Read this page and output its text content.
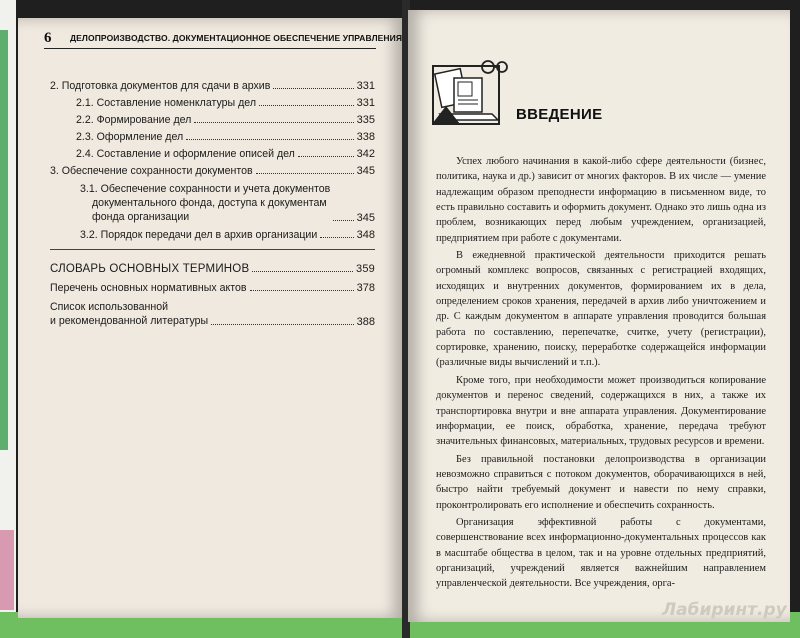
6 ДЕЛОПРОИЗВОДСТВО. ДОКУМЕНТАЦИОННОЕ ОБЕСПЕЧЕНИЕ УПРАВЛЕНИЯ
2. Подготовка документов для сдачи в архив	331
2.1. Составление номенклатуры дел	331
2.2. Формирование дел	335
2.3. Оформление дел	338
2.4. Составление и оформление описей дел	342
3. Обеспечение сохранности документов	345
3.1. Обеспечение сохранности и учета документов
документального фонда, доступа к документам
фонда организации	345
3.2. Порядок передачи дел в архив организации	348
СЛОВАРЬ ОСНОВНЫХ ТЕРМИНОВ	359
Перечень основных нормативных актов	378
Список использованной
и рекомендованной литературы	388
ВВЕДЕНИЕ

Успех любого начинания в какой-либо сфере деятельности (бизнес, политика, наука и др.) зависит от многих факторов. В их числе — умение надлежащим образом преподнести информацию в письменном виде, то есть правильно составить и оформить документ. Однако это лишь одна из проблем, возникающих перед любым учреждением, организацией, предприятием при работе с документами.

В ежедневной практической деятельности приходится решать огромный комплекс вопросов, связанных с регистрацией входящих, исходящих и внутренних документов, формированием их в дела, определением сроков хранения, передачей в архив либо уничтожением и др. С каждым документом в аппарате управления проводится большая работа по составлению, перепечатке, считке, учету (регистрации), сортировке, хранению, поиску, переработке содержащейся информации (различные виды вычислений и т.п.).

Кроме того, при необходимости может производиться копирование документов и перенос сведений, содержащихся в них, а также их транспортировка внутри и вне аппарата управления. Документирование информации, ее поиск, обработка, хранение, передача требуют значительных финансовых, материальных, трудовых ресурсов и времени.

Без правильной постановки делопроизводства в организации невозможно справиться с потоком документов, оборачивающихся в ней, быстро найти требуемый документ и навести по нему справки, проконтролировать его исполнение и обеспечить сохранность.

Организация эффективной работы с документами, совершенствование всех информационно-документальных процессов как в масштабе общества в целом, так и на уровне отдельных предприятий, организаций, учреждений является важнейшим направлением управленческой деятельности. Все учреждения, орга-

Лабиринт.ру
